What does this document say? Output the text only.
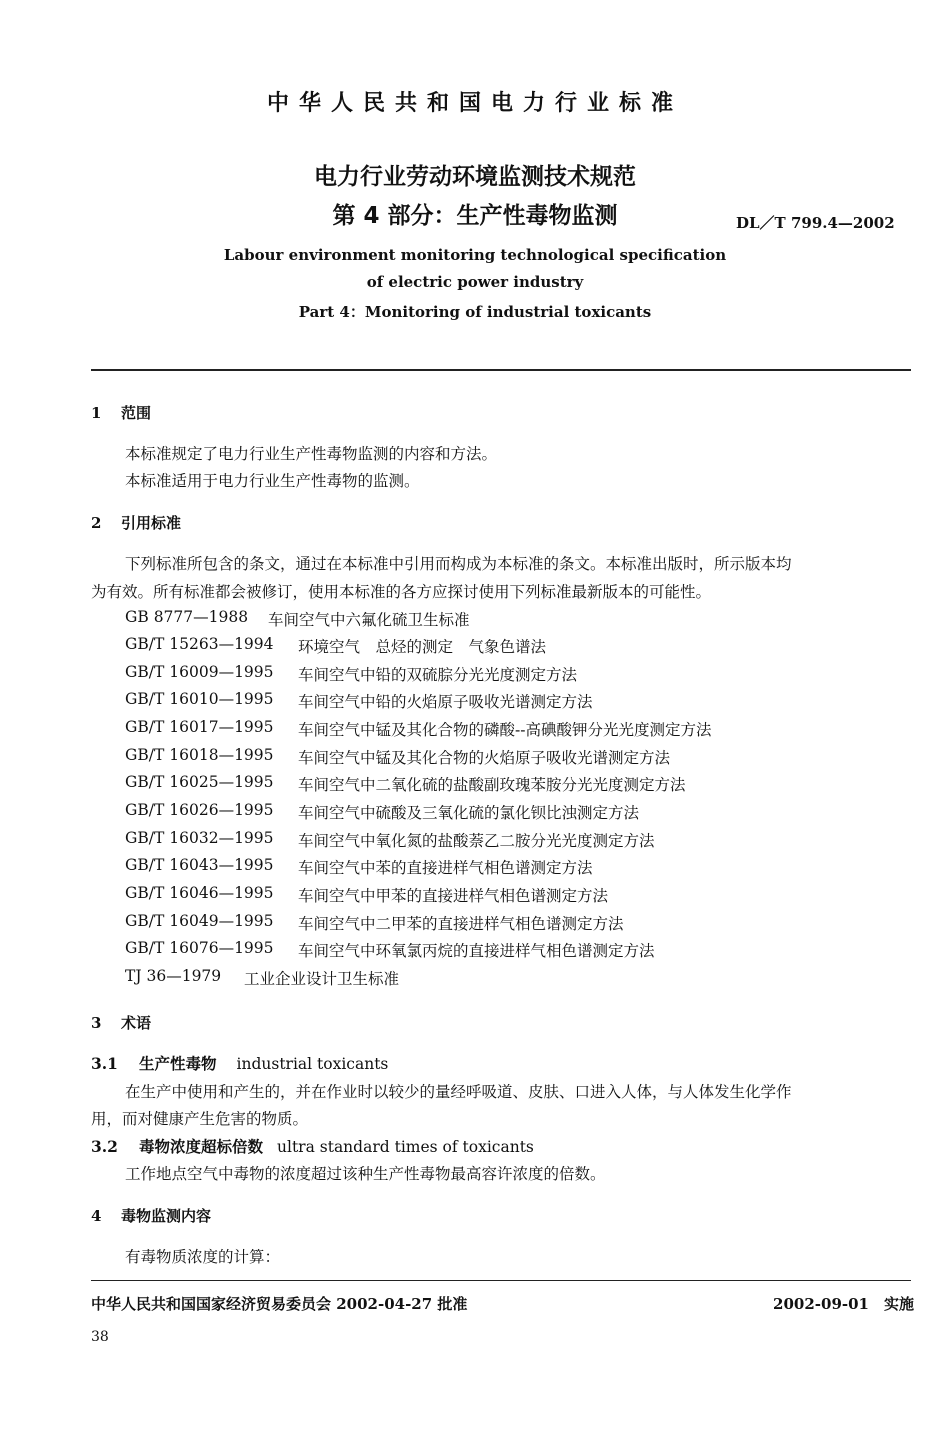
中华人民共和国电力行业标准
电力行业劳动环境监测技术规范
第 4 部分：生产性毒物监测	DL／T 799.4—2002
Labour environment monitoring technological specification
of electric power industry
Part 4：Monitoring of industrial toxicants
1 范围
本标准规定了电力行业生产性毒物监测的内容和方法。
本标准适用于电力行业生产性毒物的监测。
2 引用标准
下列标准所包含的条文，通过在本标准中引用而构成为本标准的条文。本标准出版时，所示版本均
为有效。所有标准都会被修订，使用本标准的各方应探讨使用下列标准最新版本的可能性。
GB 8777—1988 车间空气中六氟化硫卫生标准
GB/T 15263—1994 环境空气　总烃的测定　气象色谱法
GB/T 16009—1995 车间空气中铅的双硫腙分光光度测定方法
GB/T 16010—1995 车间空气中铅的火焰原子吸收光谱测定方法
GB/T 16017—1995 车间空气中锰及其化合物的磷酸--高碘酸钾分光光度测定方法
GB/T 16018—1995 车间空气中锰及其化合物的火焰原子吸收光谱测定方法
GB/T 16025—1995 车间空气中二氧化硫的盐酸副玫瑰苯胺分光光度测定方法
GB/T 16026—1995 车间空气中硫酸及三氧化硫的氯化钡比浊测定方法
GB/T 16032—1995 车间空气中氧化氮的盐酸萘乙二胺分光光度测定方法
GB/T 16043—1995 车间空气中苯的直接进样气相色谱测定方法
GB/T 16046—1995 车间空气中甲苯的直接进样气相色谱测定方法
GB/T 16049—1995 车间空气中二甲苯的直接进样气相色谱测定方法
GB/T 16076—1995 车间空气中环氧氯丙烷的直接进样气相色谱测定方法
TJ 36—1979 工业企业设计卫生标准
3 术语
3.1 生产性毒物 industrial toxicants
在生产中使用和产生的，并在作业时以较少的量经呼吸道、皮肤、口进入人体，与人体发生化学作
用，而对健康产生危害的物质。
3.2 毒物浓度超标倍数 ultra standard times of toxicants
工作地点空气中毒物的浓度超过该种生产性毒物最高容许浓度的倍数。
4 毒物监测内容
有毒物质浓度的计算：
中华人民共和国国家经济贸易委员会 2002-04-27 批准	2002-09-01　实施
38
